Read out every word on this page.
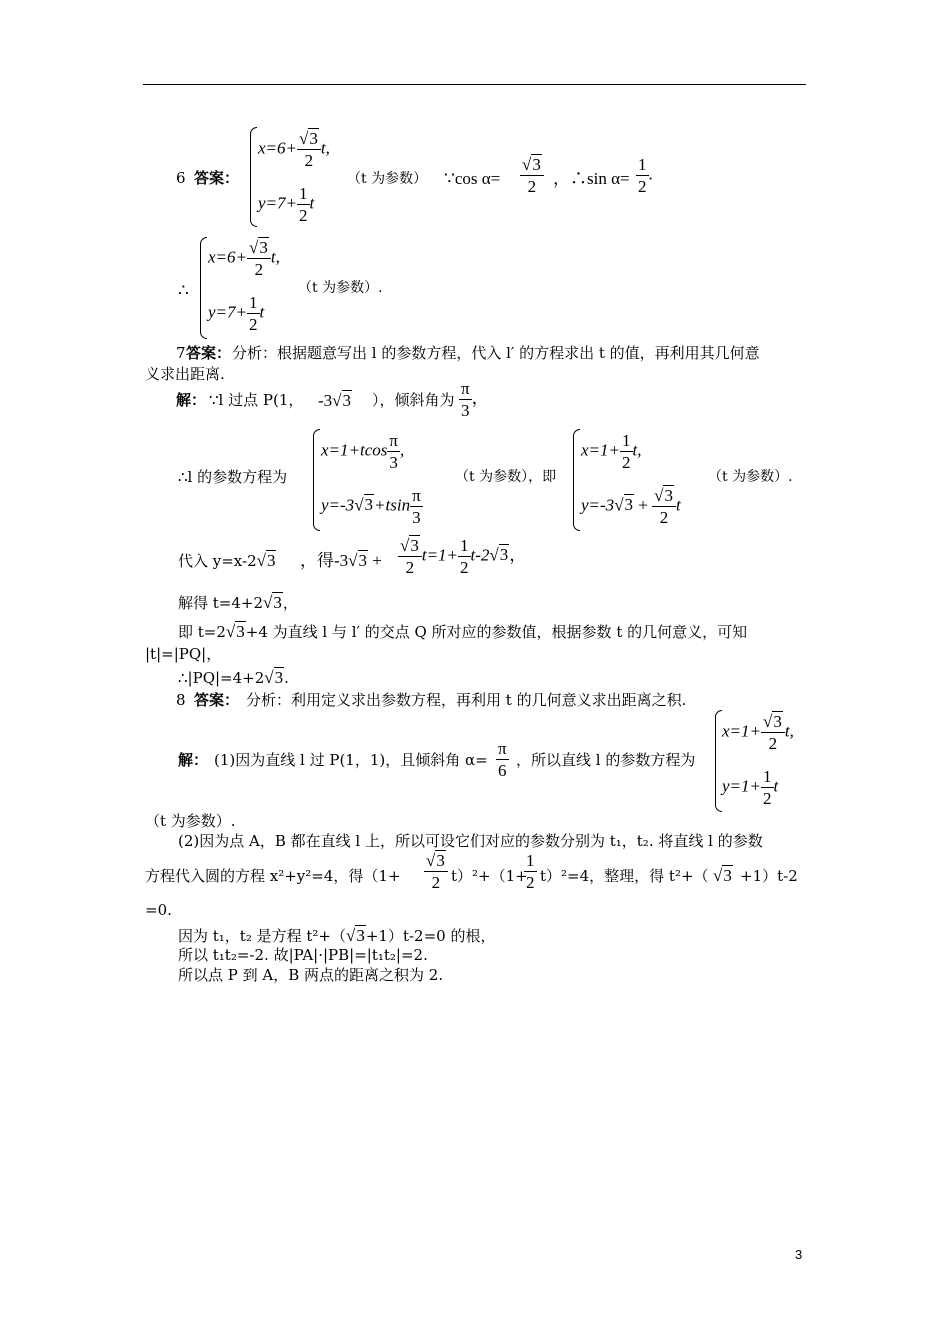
6 答案：
$x=6+ \frac{√3}{2} t$,
$y=7+ \frac{1}{2}$ t
（t 为参数） ∵cos $\alpha= \frac{√3}{2}$ ，∴sin $\alpha= \frac{1}{2}$ .
∴
$x=6+ \frac{√3}{2} t$,
$y=7+ \frac{1}{2}$ t
（t 为参数）.
7 答案： 分析：根据题意写出 l 的参数方程，代入 l′ 的方程求出 t 的值，再利用其几何意
义求出距离.
解： ∵l 过点 P(1， -3√3 ），倾斜角为 $\frac{\pi}{3}$ ，
∴l 的参数方程为
$x=1+tcos \frac{\pi}{3}$ ,
$y=-3√3+tsin \frac{\pi}{3}$
（t 为参数），即
$x=1+ \frac{1}{2} t$,
$y=-3√3 + \frac{√3}{2}$ t
（t 为参数）.
代入 y=x-2√3 ，得$-3√3 + \frac{√3}{2} t=1+ \frac{1}{2} t-2√3$，
解得 t=4+2√3，
即 t=2√3+4 为直线 l 与 l′ 的交点 Q 所对应的参数值，根据参数 t 的几何意义，可知
|t|=|PQ|，
∴|PQ|=4+2√3.
8 答案： 分析：利用定义求出参数方程，再利用 t 的几何意义求出距离之积.
解： (1)因为直线 l 过 P(1，1)，且倾斜角 $\alpha= \frac{\pi}{6}$ ，所以直线 l 的参数方程为
$x=1+ \frac{√3}{2} t$,
$y=1+ \frac{1}{2}$ t
（t 为参数）.
(2)因为点 A，B 都在直线 l 上，所以可设它们对应的参数分别为 t₁，t₂. 将直线 l 的参数
方程代入圆的方程 x²+y²=4，得$(1+ \frac{√3}{2} t)^2+(1+$
$\frac{1}{2} t)^2=4$，整理，得 t²+（ √3 +1）t-2
=0.
因为 t₁，t₂ 是方程 t²+（√3+1）t-2=0 的根，
所以 t₁t₂=-2. 故|PA|·|PB|=|t₁t₂|=2.
所以点 P 到 A，B 两点的距离之积为 2.
3
